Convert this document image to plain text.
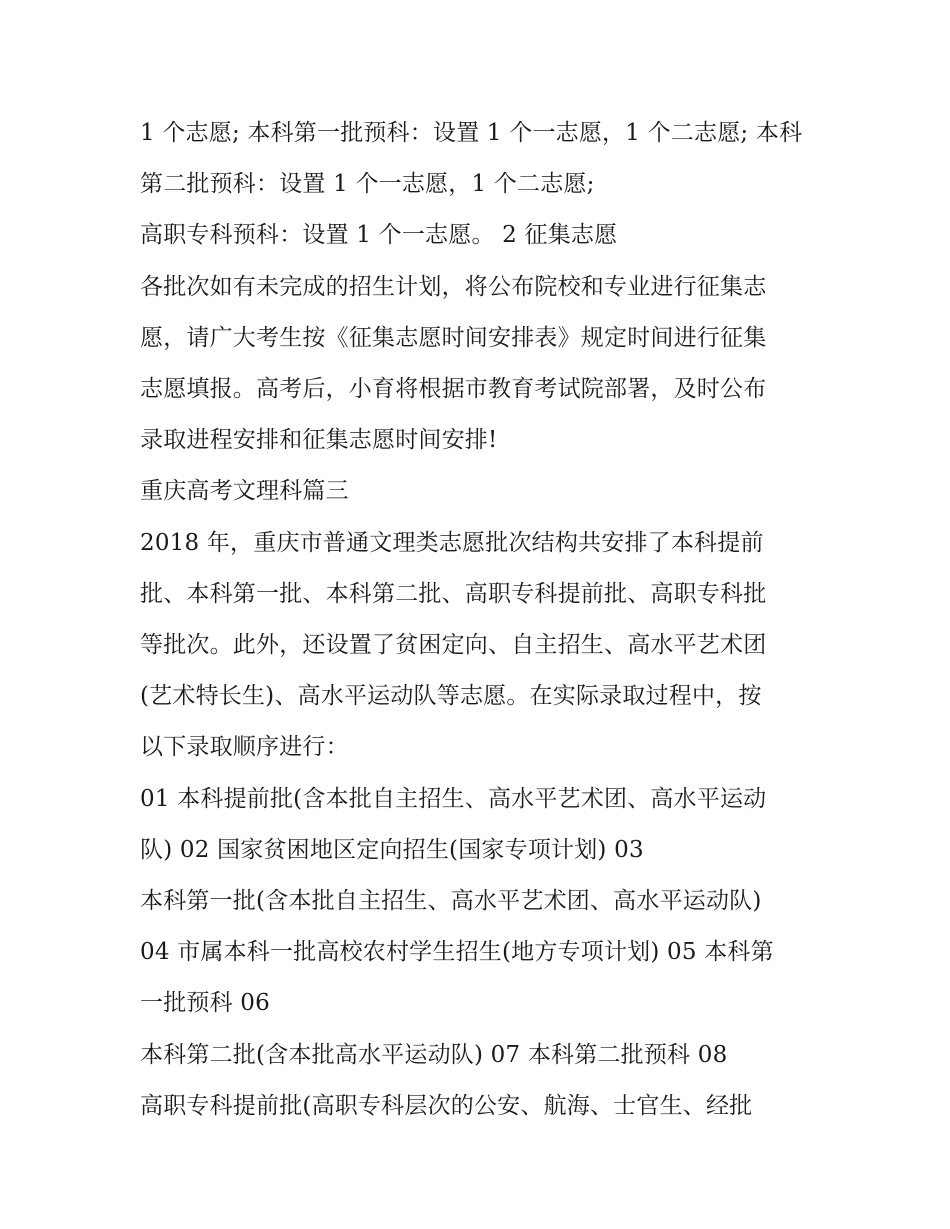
1 个志愿; 本科第一批预科：设置 1 个一志愿，1 个二志愿; 本科

第二批预科：设置 1 个一志愿，1 个二志愿;

高职专科预科：设置 1 个一志愿。 2 征集志愿

各批次如有未完成的招生计划，将公布院校和专业进行征集志

愿，请广大考生按《征集志愿时间安排表》规定时间进行征集

志愿填报。高考后，小育将根据市教育考试院部署，及时公布

录取进程安排和征集志愿时间安排!

重庆高考文理科篇三

2018 年，重庆市普通文理类志愿批次结构共安排了本科提前

批、本科第一批、本科第二批、高职专科提前批、高职专科批

等批次。此外，还设置了贫困定向、自主招生、高水平艺术团

(艺术特长生)、高水平运动队等志愿。在实际录取过程中，按

以下录取顺序进行：

01 本科提前批(含本批自主招生、高水平艺术团、高水平运动

队) 02 国家贫困地区定向招生(国家专项计划) 03

本科第一批(含本批自主招生、高水平艺术团、高水平运动队)

04 市属本科一批高校农村学生招生(地方专项计划) 05 本科第

一批预科 06

本科第二批(含本批高水平运动队) 07 本科第二批预科 08

高职专科提前批(高职专科层次的公安、航海、士官生、经批
